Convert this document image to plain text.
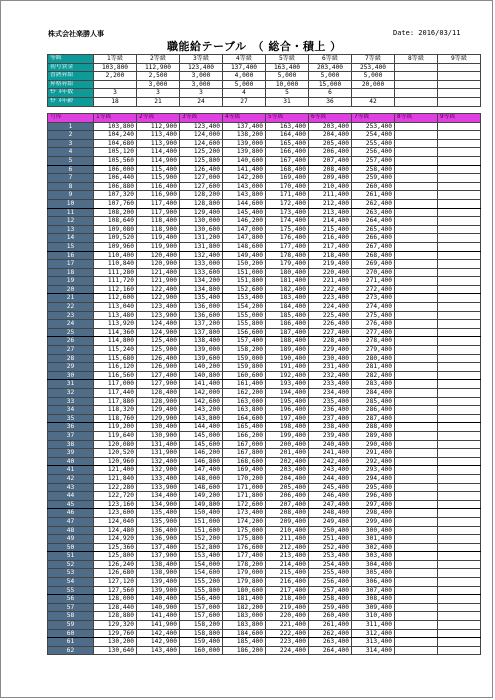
株式会社楽勝人事	Date: 2016/03/11
職能給テーブル　（ 総合・積上 ）
等級	1等級	2等級	3等級	4等級	5等級	6等級	7等級	8等級	9等級
初号賃金	103,800	112,900	123,400	137,400	163,400	203,400	253,400		
習熟昇給	2,200	2,500	3,000	4,000	5,000	5,000	5,000		
昇格昇給		3,000	3,000	5,000	10,000	15,000	20,000		
ﾓﾃﾞﾙ年数	3	3	3	4	5	6			
ﾓﾃﾞﾙ年齢	18	21	24	27	31	36	42		
号俸	1等級	2等級	3等級	4等級	5等級	6等級	7等級	8等級	9等級
1	103,800	112,900	123,400	137,400	163,400	203,400	253,400		
2	104,240	113,400	124,000	138,200	164,400	204,400	254,400		
3	104,680	113,900	124,600	139,000	165,400	205,400	255,400		
4	105,120	114,400	125,200	139,800	166,400	206,400	256,400		
5	105,560	114,900	125,800	140,600	167,400	207,400	257,400		
6	106,000	115,400	126,400	141,400	168,400	208,400	258,400		
7	106,440	115,900	127,000	142,200	169,400	209,400	259,400		
8	106,880	116,400	127,600	143,000	170,400	210,400	260,400		
9	107,320	116,900	128,200	143,800	171,400	211,400	261,400		
10	107,760	117,400	128,800	144,600	172,400	212,400	262,400		
11	108,200	117,900	129,400	145,400	173,400	213,400	263,400		
12	108,640	118,400	130,000	146,200	174,400	214,400	264,400		
13	109,080	118,900	130,600	147,000	175,400	215,400	265,400		
14	109,520	119,400	131,200	147,800	176,400	216,400	266,400		
15	109,960	119,900	131,800	148,600	177,400	217,400	267,400		
16	110,400	120,400	132,400	149,400	178,400	218,400	268,400		
17	110,840	120,900	133,000	150,200	179,400	219,400	269,400		
18	111,280	121,400	133,600	151,000	180,400	220,400	270,400		
19	111,720	121,900	134,200	151,800	181,400	221,400	271,400		
20	112,160	122,400	134,800	152,600	182,400	222,400	272,400		
21	112,600	122,900	135,400	153,400	183,400	223,400	273,400		
22	113,040	123,400	136,000	154,200	184,400	224,400	274,400		
23	113,480	123,900	136,600	155,000	185,400	225,400	275,400		
24	113,920	124,400	137,200	155,800	186,400	226,400	276,400		
25	114,360	124,900	137,800	156,600	187,400	227,400	277,400		
26	114,800	125,400	138,400	157,400	188,400	228,400	278,400		
27	115,240	125,900	139,000	158,200	189,400	229,400	279,400		
28	115,680	126,400	139,600	159,000	190,400	230,400	280,400		
29	116,120	126,900	140,200	159,800	191,400	231,400	281,400		
30	116,560	127,400	140,800	160,600	192,400	232,400	282,400		
31	117,000	127,900	141,400	161,400	193,400	233,400	283,400		
32	117,440	128,400	142,000	162,200	194,400	234,400	284,400		
33	117,880	128,900	142,600	163,000	195,400	235,400	285,400		
34	118,320	129,400	143,200	163,800	196,400	236,400	286,400		
35	118,760	129,900	143,800	164,600	197,400	237,400	287,400		
36	119,200	130,400	144,400	165,400	198,400	238,400	288,400		
37	119,640	130,900	145,000	166,200	199,400	239,400	289,400		
38	120,080	131,400	145,600	167,000	200,400	240,400	290,400		
39	120,520	131,900	146,200	167,800	201,400	241,400	291,400		
40	120,960	132,400	146,800	168,600	202,400	242,400	292,400		
41	121,400	132,900	147,400	169,400	203,400	243,400	293,400		
42	121,840	133,400	148,000	170,200	204,400	244,400	294,400		
43	122,280	133,900	148,600	171,000	205,400	245,400	295,400		
44	122,720	134,400	149,200	171,800	206,400	246,400	296,400		
45	123,160	134,900	149,800	172,600	207,400	247,400	297,400		
46	123,600	135,400	150,400	173,400	208,400	248,400	298,400		
47	124,040	135,900	151,000	174,200	209,400	249,400	299,400		
48	124,480	136,400	151,600	175,000	210,400	250,400	300,400		
49	124,920	136,900	152,200	175,800	211,400	251,400	301,400		
50	125,360	137,400	152,800	176,600	212,400	252,400	302,400		
51	125,800	137,900	153,400	177,400	213,400	253,400	303,400		
52	126,240	138,400	154,000	178,200	214,400	254,400	304,400		
53	126,680	138,900	154,600	179,000	215,400	255,400	305,400		
54	127,120	139,400	155,200	179,800	216,400	256,400	306,400		
55	127,560	139,900	155,800	180,600	217,400	257,400	307,400		
56	128,000	140,400	156,400	181,400	218,400	258,400	308,400		
57	128,440	140,900	157,000	182,200	219,400	259,400	309,400		
58	128,880	141,400	157,600	183,000	220,400	260,400	310,400		
59	129,320	141,900	158,200	183,800	221,400	261,400	311,400		
60	129,760	142,400	158,800	184,600	222,400	262,400	312,400		
61	130,200	142,900	159,400	185,400	223,400	263,400	313,400		
62	130,640	143,400	160,000	186,200	224,400	264,400	314,400		
